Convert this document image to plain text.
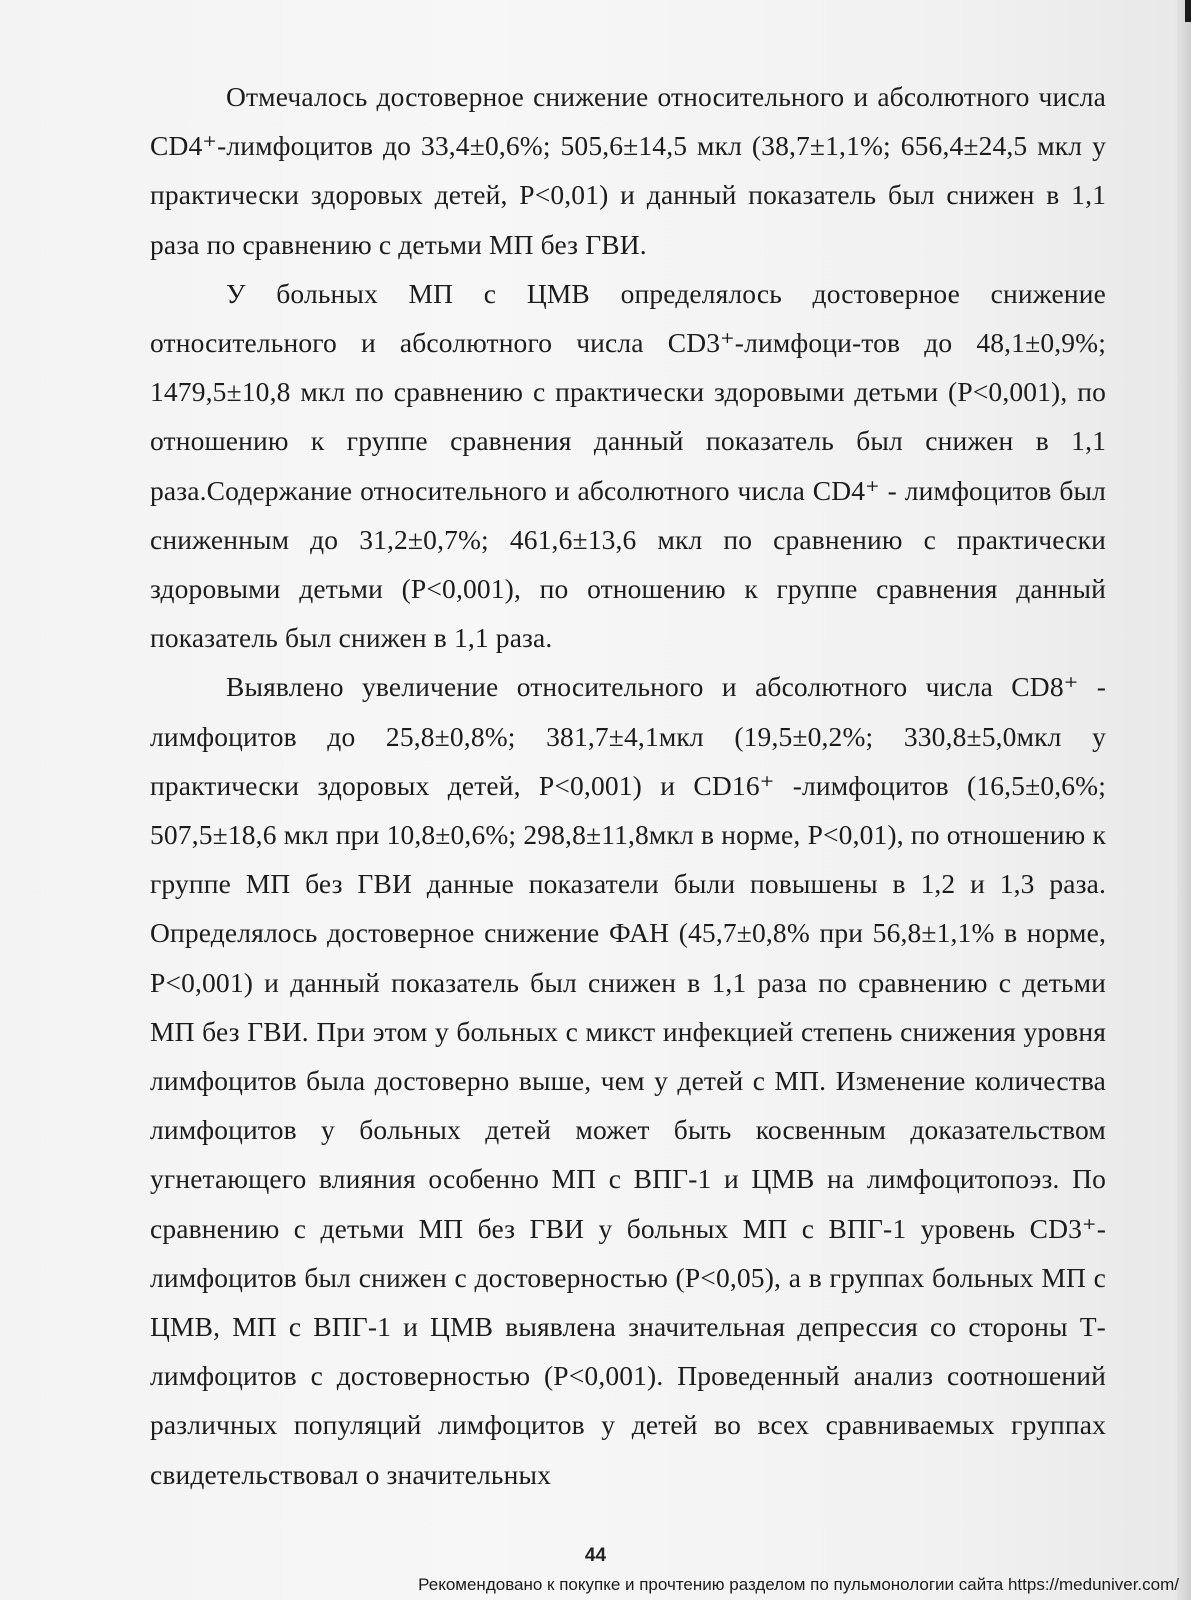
Отмечалось достоверное снижение относительного и абсолютного числа CD4⁺-лимфоцитов до 33,4±0,6%; 505,6±14,5 мкл (38,7±1,1%; 656,4±24,5 мкл у практически здоровых детей, P<0,01) и данный показатель был снижен в 1,1 раза по сравнению с детьми МП без ГВИ.

У больных МП с ЦМВ определялось достоверное снижение относительного и абсолютного числа CD3⁺-лимфоци-тов до 48,1±0,9%; 1479,5±10,8 мкл по сравнению с практически здоровыми детьми (P<0,001), по отношению к группе сравнения данный показатель был снижен в 1,1 раза.Содержание относительного и абсолютного числа CD4⁺ - лимфоцитов был сниженным до 31,2±0,7%; 461,6±13,6 мкл по сравнению с практически здоровыми детьми (P<0,001), по отношению к группе сравнения данный показатель был снижен в 1,1 раза.

Выявлено увеличение относительного и абсолютного числа CD8⁺ - лимфоцитов до 25,8±0,8%; 381,7±4,1мкл (19,5±0,2%; 330,8±5,0мкл у практически здоровых детей, P<0,001) и CD16⁺ -лимфоцитов (16,5±0,6%; 507,5±18,6 мкл при 10,8±0,6%; 298,8±11,8мкл в норме, P<0,01), по отношению к группе МП без ГВИ данные показатели были повышены в 1,2 и 1,3 раза. Определялось достоверное снижение ФАН (45,7±0,8% при 56,8±1,1% в норме, P<0,001) и данный показатель был снижен в 1,1 раза по сравнению с детьми МП без ГВИ. При этом у больных с микст инфекцией степень снижения уровня лимфоцитов была достоверно выше, чем у детей с МП. Изменение количества лимфоцитов у больных детей может быть косвенным доказательством угнетающего влияния особенно МП с ВПГ-1 и ЦМВ на лимфоцитопоэз. По сравнению с детьми МП без ГВИ у больных МП с ВПГ-1 уровень CD3⁺-лимфоцитов был снижен с достоверностью (P<0,05), а в группах больных МП с ЦМВ, МП с ВПГ-1 и ЦМВ выявлена значительная депрессия со стороны Т-лимфоцитов с достоверностью (P<0,001). Проведенный анализ соотношений различных популяций лимфоцитов у детей во всех сравниваемых группах свидетельствовал о значительных

44
Рекомендовано к покупке и прочтению разделом по пульмонологии сайта https://meduniver.com/
